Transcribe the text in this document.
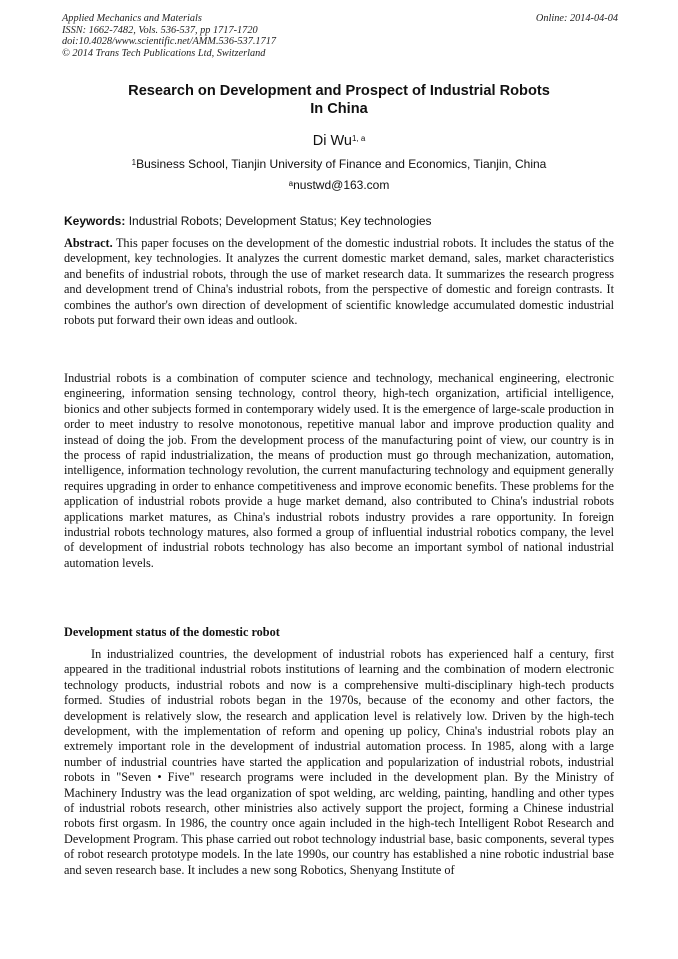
Applied Mechanics and Materials
ISSN: 1662-7482, Vols. 536-537, pp 1717-1720
doi:10.4028/www.scientific.net/AMM.536-537.1717
© 2014 Trans Tech Publications Ltd, Switzerland
Online: 2014-04-04
Research on Development and Prospect of Industrial Robots
In China
Di Wu$^{1, a}$
$^1$Business School, Tianjin University of Finance and Economics, Tianjin, China
$^a$nustwd@163.com
Keywords: Industrial Robots; Development Status; Key technologies
Abstract. This paper focuses on the development of the domestic industrial robots. It includes the status of the development, key technologies. It analyzes the current domestic market demand, sales, market characteristics and benefits of industrial robots, through the use of market research data. It summarizes the research progress and development trend of China's industrial robots, from the perspective of domestic and foreign contrasts. It combines the author's own direction of development of scientific knowledge accumulated domestic industrial robots put forward their own ideas and outlook.
Industrial robots is a combination of computer science and technology, mechanical engineering, electronic engineering, information sensing technology, control theory, high-tech organization, artificial intelligence, bionics and other subjects formed in contemporary widely used. It is the emergence of large-scale production in order to meet industry to resolve monotonous, repetitive manual labor and improve production quality and instead of doing the job. From the development process of the manufacturing point of view, our country is in the process of rapid industrialization, the means of production must go through mechanization, automation, intelligence, information technology revolution, the current manufacturing technology and equipment generally requires upgrading in order to enhance competitiveness and improve economic benefits. These problems for the application of industrial robots provide a huge market demand, also contributed to China's industrial robots applications market matures, as China's industrial robots industry provides a rare opportunity. In foreign industrial robots technology matures, also formed a group of influential industrial robotics company, the level of development of industrial robots technology has also become an important symbol of national industrial automation levels.
Development status of the domestic robot
In industrialized countries, the development of industrial robots has experienced half a century, first appeared in the traditional industrial robots institutions of learning and the combination of modern electronic technology products, industrial robots and now is a comprehensive multi-disciplinary high-tech products formed. Studies of industrial robots began in the 1970s, because of the economy and other factors, the development is relatively slow, the research and application level is relatively low. Driven by the high-tech development, with the implementation of reform and opening up policy, China's industrial robots play an extremely important role in the development of industrial automation process. In 1985, along with a large number of industrial countries have started the application and popularization of industrial robots, industrial robots in "Seven • Five" research programs were included in the development plan. By the Ministry of Machinery Industry was the lead organization of spot welding, arc welding, painting, handling and other types of industrial robots research, other ministries also actively support the project, forming a Chinese industrial robots first orgasm. In 1986, the country once again included in the high-tech Intelligent Robot Research and Development Program. This phase carried out robot technology industrial base, basic components, several types of robot research prototype models. In the late 1990s, our country has established a nine robotic industrial base and seven research base. It includes a new song Robotics, Shenyang Institute of
